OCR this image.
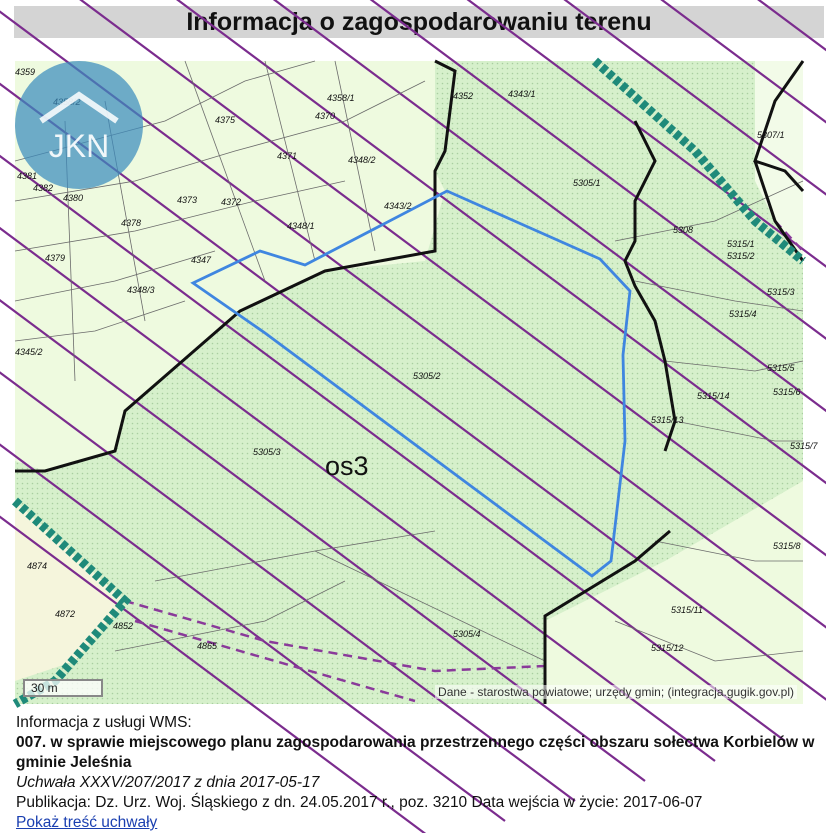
Informacja o zagospodarowaniu terenu
4359
4358/1	4352	4343/1
4375	4370
4371	4348/2
5305/1
5307/1
4381
4382
4380	4373	4372	4343/2
5308
4378	4348/1
5315/1
5315/2
4379	4347
4348/3	5315/3
5315/4
4345/2
5305/2
5315/5
5315/14
5315/13
5315/6
5305/3
5315/7
5315/8
4874
4872
4852
4865
5305/4
5315/11
5315/12
os3
JKN
30 m	Dane - starostwa powiatowe; urzędy gmin; (integracja.gugik.gov.pl)
Informacja z usługi WMS:
007. w sprawie miejscowego planu zagospodarowania przestrzennego części obszaru sołectwa Korbielów w gminie Jeleśnia
Uchwała XXXV/207/2017 z dnia 2017-05-17
Publikacja: Dz. Urz. Woj. Śląskiego z dn. 24.05.2017 r., poz. 3210 Data wejścia w życie: 2017-06-07
Pokaż treść uchwały
